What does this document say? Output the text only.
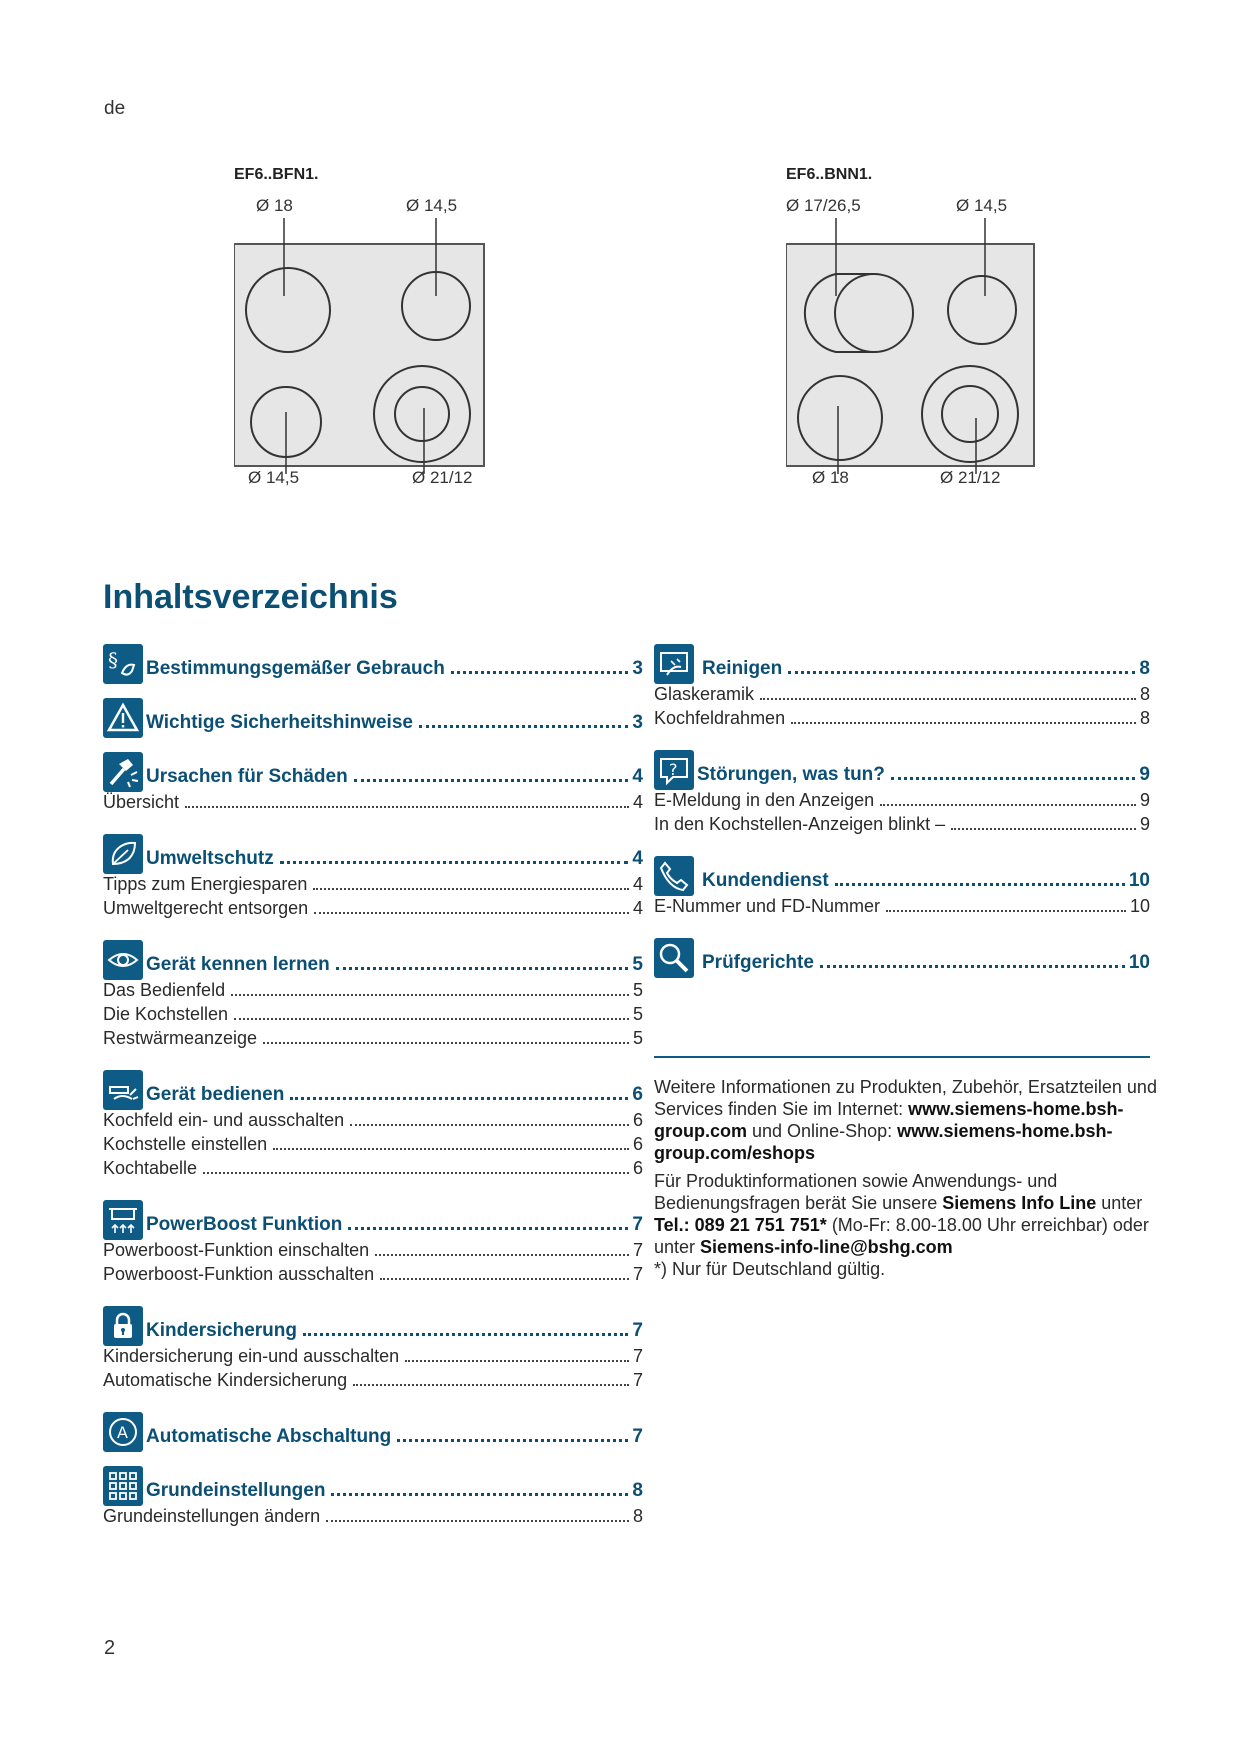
de
EF6..BFN1.
Ø 18	Ø 14,5
Ø 14,5	Ø 21/12
EF6..BNN1.
Ø 17/26,5	Ø 14,5
Ø 18	Ø 21/12
Inhaltsverzeichnis
§ Bestimmungsgemäßer Gebrauch	3
Wichtige Sicherheitshinweise	3
Ursachen für Schäden	4
Übersicht	4
Umweltschutz	4
Tipps zum Energiesparen	4
Umweltgerecht entsorgen	4
Gerät kennen lernen	5
Das Bedienfeld	5
Die Kochstellen	5
Restwärmeanzeige	5
Gerät bedienen	6
Kochfeld ein- und ausschalten	6
Kochstelle einstellen	6
Kochtabelle	6
PowerBoost Funktion	7
Powerboost-Funktion einschalten	7
Powerboost-Funktion ausschalten	7
Kindersicherung	7
Kindersicherung ein-und ausschalten	7
Automatische Kindersicherung	7
A Automatische Abschaltung	7
Grundeinstellungen	8
Grundeinstellungen ändern	8
Reinigen	8
Glaskeramik	8
Kochfeldrahmen	8
? Störungen, was tun?	9
E-Meldung in den Anzeigen	9
In den Kochstellen-Anzeigen blinkt –	9
Kundendienst	10
E-Nummer und FD-Nummer	10
Prüfgerichte	10

Weitere Informationen zu Produkten, Zubehör, Ersatzteilen und Services finden Sie im Internet: www.siemens-home.bsh-group.com und Online-Shop: www.siemens-home.bsh-group.com/eshops

Für Produktinformationen sowie Anwendungs- und Bedienungsfragen berät Sie unsere Siemens Info Line unter Tel.: 089 21 751 751* (Mo-Fr: 8.00-18.00 Uhr erreichbar) oder unter Siemens-info-line@bshg.com
*) Nur für Deutschland gültig.

2
